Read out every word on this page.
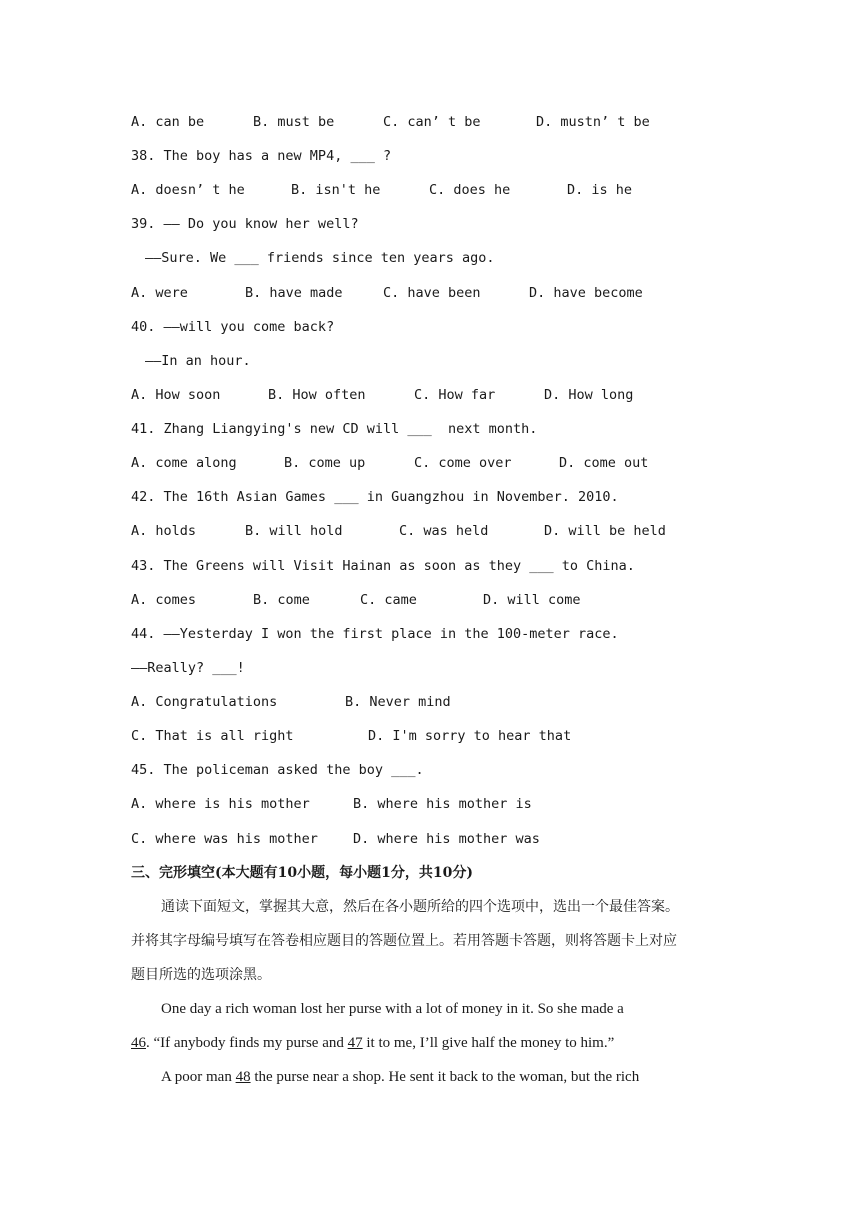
A. can be

	B. must be

	C. can’ t be

	D. mustn’ t be

38. The boy has a new MP4, ___ ?

A. doesn’ t he

	B. isn't he

	C. does he

	D. is he

39. —— Do you know her well?
——Sure. We ___ friends since ten years ago.

A. were

	B. have made

	C. have been

	D. have become

40. ——will you come back?
——In an hour.

A. How soon

	B. How often

	C. How far

	D. How long

41. Zhang Liangying's new CD will ___  next month.

A. come along

	B. come up

	C. come over

	D. come out

42. The 16th Asian Games ___ in Guangzhou in November. 2010.

A. holds

	B. will hold

	C. was held

	D. will be held

43. The Greens will Visit Hainan as soon as they ___ to China.

A. comes

	B. come

	C. came

	D. will come

44. ——Yesterday I won the first place in the 100-meter race.
——Really? ___!

A. Congratulations

	B. Never mind

C. That is all right

	D. I'm sorry to hear that

45. The policeman asked the boy ___.

A. where is his mother

	B. where his mother is

C. where was his mother

	D. where his mother was

三、完形填空(本大题有10小题，每小题1分，共10分)
通读下面短文，掌握其大意，然后在各小题所给的四个选项中，选出一个最佳答案。
并将其字母编号填写在答卷相应题目的答题位置上。若用答题卡答题，则将答题卡上对应
题目所选的选项涂黑。
One day a rich woman lost her purse with a lot of money in it. So she made a
46. “If anybody finds my purse and 47 it to me, I’ll give half the money to him.”
A poor man 48 the purse near a shop. He sent it back to the woman, but the rich
